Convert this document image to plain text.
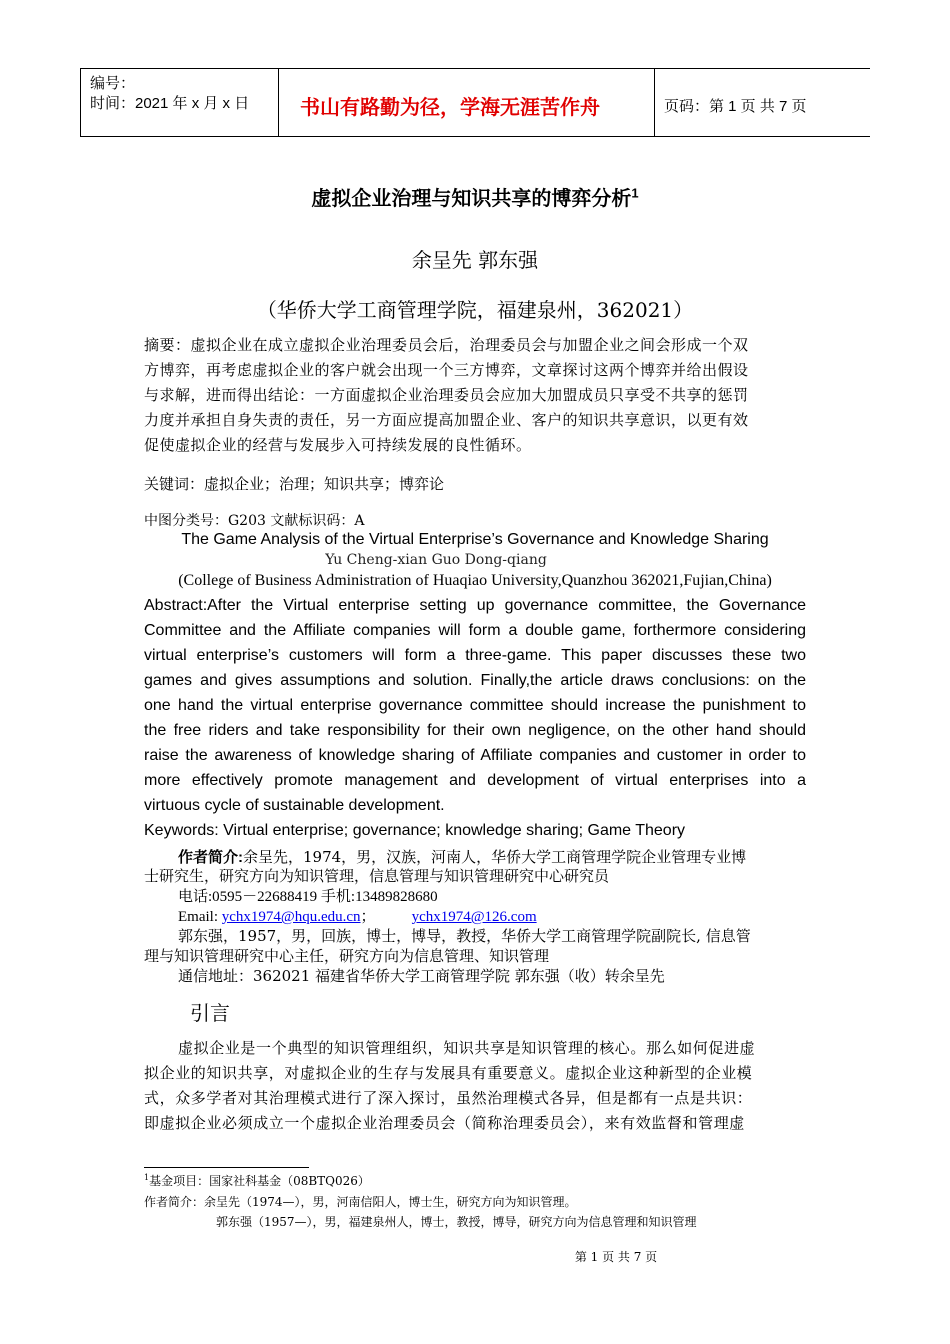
编号：
时间：2021 年 x 月 x 日	书山有路勤为径，学海无涯苦作舟	页码：第 1 页 共 7 页
虚拟企业治理与知识共享的博弈分析$^1$
余呈先 郭东强
（华侨大学工商管理学院，福建泉州，362021）
摘要：虚拟企业在成立虚拟企业治理委员会后，治理委员会与加盟企业之间会形成一个双
方博弈，再考虑虚拟企业的客户就会出现一个三方博弈，文章探讨这两个博弈并给出假设
与求解，进而得出结论：一方面虚拟企业治理委员会应加大加盟成员只享受不共享的惩罚
力度并承担自身失责的责任，另一方面应提高加盟企业、客户的知识共享意识，以更有效
促使虚拟企业的经营与发展步入可持续发展的良性循环。
关键词：虚拟企业；治理；知识共享；博弈论
中图分类号：G203 文献标识码：A
The Game Analysis of the Virtual Enterprise’s Governance and Knowledge Sharing
Yu Cheng-xian Guo Dong-qiang
(College of Business Administration of Huaqiao University,Quanzhou 362021,Fujian,China)
Abstract:After the Virtual enterprise setting up governance committee, the Governance
Committee and the Affiliate companies will form a double game, forthermore considering
virtual enterprise’s customers will form a three-game. This paper discusses these two
games and gives assumptions and solution. Finally,the article draws conclusions: on the
one hand the virtual enterprise governance committee should increase the punishment to
the free riders and take responsibility for their own negligence, on the other hand should
raise the awareness of knowledge sharing of Affiliate companies and customer in order to
more effectively promote management and development of virtual enterprises into a
virtuous cycle of sustainable development.
Keywords: Virtual enterprise; governance; knowledge sharing; Game Theory
作者简介:余呈先，1974，男，汉族，河南人，华侨大学工商管理学院企业管理专业博
士研究生，研究方向为知识管理，信息管理与知识管理研究中心研究员
电话:0595－22688419 手机:13489828680
Email: ychx1974@hqu.edu.cn； ychx1974@126.com
郭东强，1957，男，回族，博士，博导，教授，华侨大学工商管理学院副院长, 信息管
理与知识管理研究中心主任，研究方向为信息管理、知识管理
通信地址：362021 福建省华侨大学工商管理学院 郭东强（收）转余呈先
引言
虚拟企业是一个典型的知识管理组织，知识共享是知识管理的核心。那么如何促进虚
拟企业的知识共享，对虚拟企业的生存与发展具有重要意义。虚拟企业这种新型的企业模
式，众多学者对其治理模式进行了深入探讨，虽然治理模式各异，但是都有一点是共识：
即虚拟企业必须成立一个虚拟企业治理委员会（简称治理委员会），来有效监督和管理虚
$^1$基金项目：国家社科基金（08BTQ026）
作者简介：余呈先（1974—），男，河南信阳人，博士生，研究方向为知识管理。
郭东强（1957—），男，福建泉州人，博士，教授，博导，研究方向为信息管理和知识管理
第 1 页 共 7 页
